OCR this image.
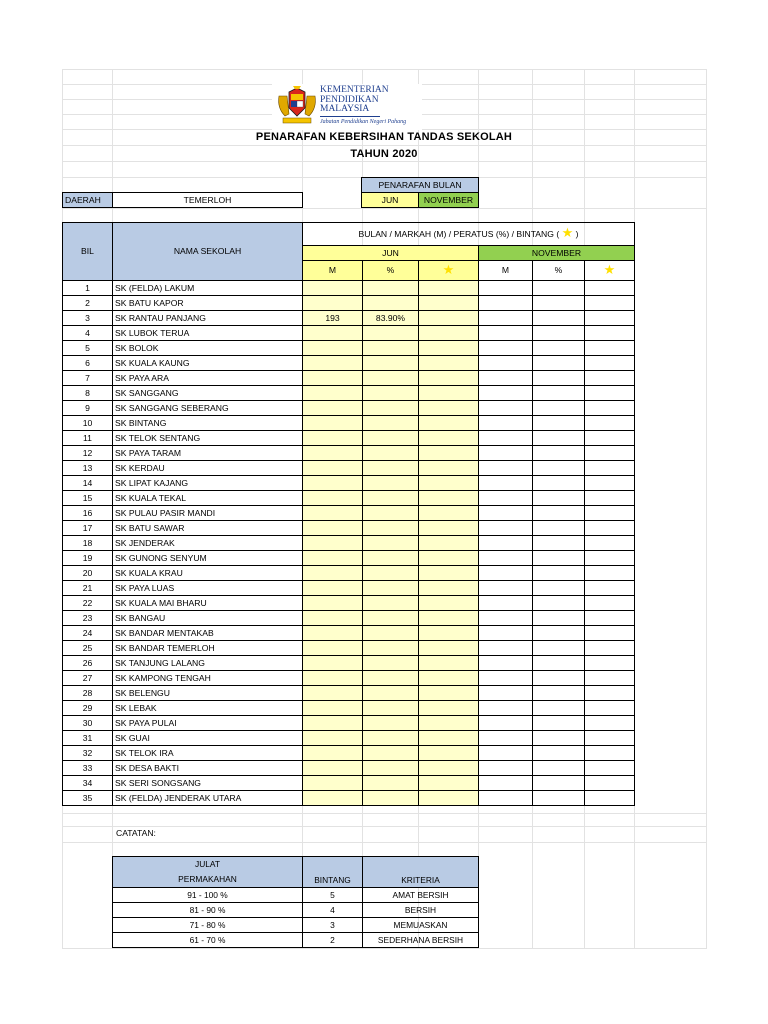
KEMENTERIAN
PENDIDIKAN
MALAYSIA
Jabatan Pendidikan Negeri Pahang
PENARAFAN KEBERSIHAN TANDAS SEKOLAH
TAHUN 2020
PENARAFAN BULAN
JUN	NOVEMBER
DAERAH	TEMERLOH
BIL	NAMA SEKOLAH	BULAN / MARKAH (M) / PERATUS (%) / BINTANG ( ★ )					
		JUN			NOVEMBER		
		M	%	★	M	%	★
1	SK (FELDA) LAKUM						
2	SK BATU KAPOR						
3	SK RANTAU PANJANG	193	83.90%				
4	SK LUBOK TERUA						
5	SK BOLOK						
6	SK KUALA KAUNG						
7	SK PAYA ARA						
8	SK SANGGANG						
9	SK SANGGANG SEBERANG						
10	SK BINTANG						
11	SK TELOK SENTANG						
12	SK PAYA TARAM						
13	SK KERDAU						
14	SK LIPAT KAJANG						
15	SK KUALA TEKAL						
16	SK PULAU PASIR MANDI						
17	SK BATU SAWAR						
18	SK JENDERAK						
19	SK GUNONG SENYUM						
20	SK KUALA KRAU						
21	SK PAYA LUAS						
22	SK KUALA MAI BHARU						
23	SK BANGAU						
24	SK BANDAR MENTAKAB						
25	SK BANDAR TEMERLOH						
26	SK TANJUNG LALANG						
27	SK KAMPONG TENGAH						
28	SK BELENGU						
29	SK LEBAK						
30	SK PAYA PULAI						
31	SK GUAI						
32	SK TELOK IRA						
33	SK DESA BAKTI						
34	SK SERI SONGSANG						
35	SK (FELDA) JENDERAK UTARA						
CATATAN:
JULAT
PERMAKAHAN	BINTANG	KRITERIA
91 - 100 %	5	AMAT BERSIH
81 - 90 %	4	BERSIH
71 - 80 %	3	MEMUASKAN
61 - 70 %	2	SEDERHANA BERSIH
